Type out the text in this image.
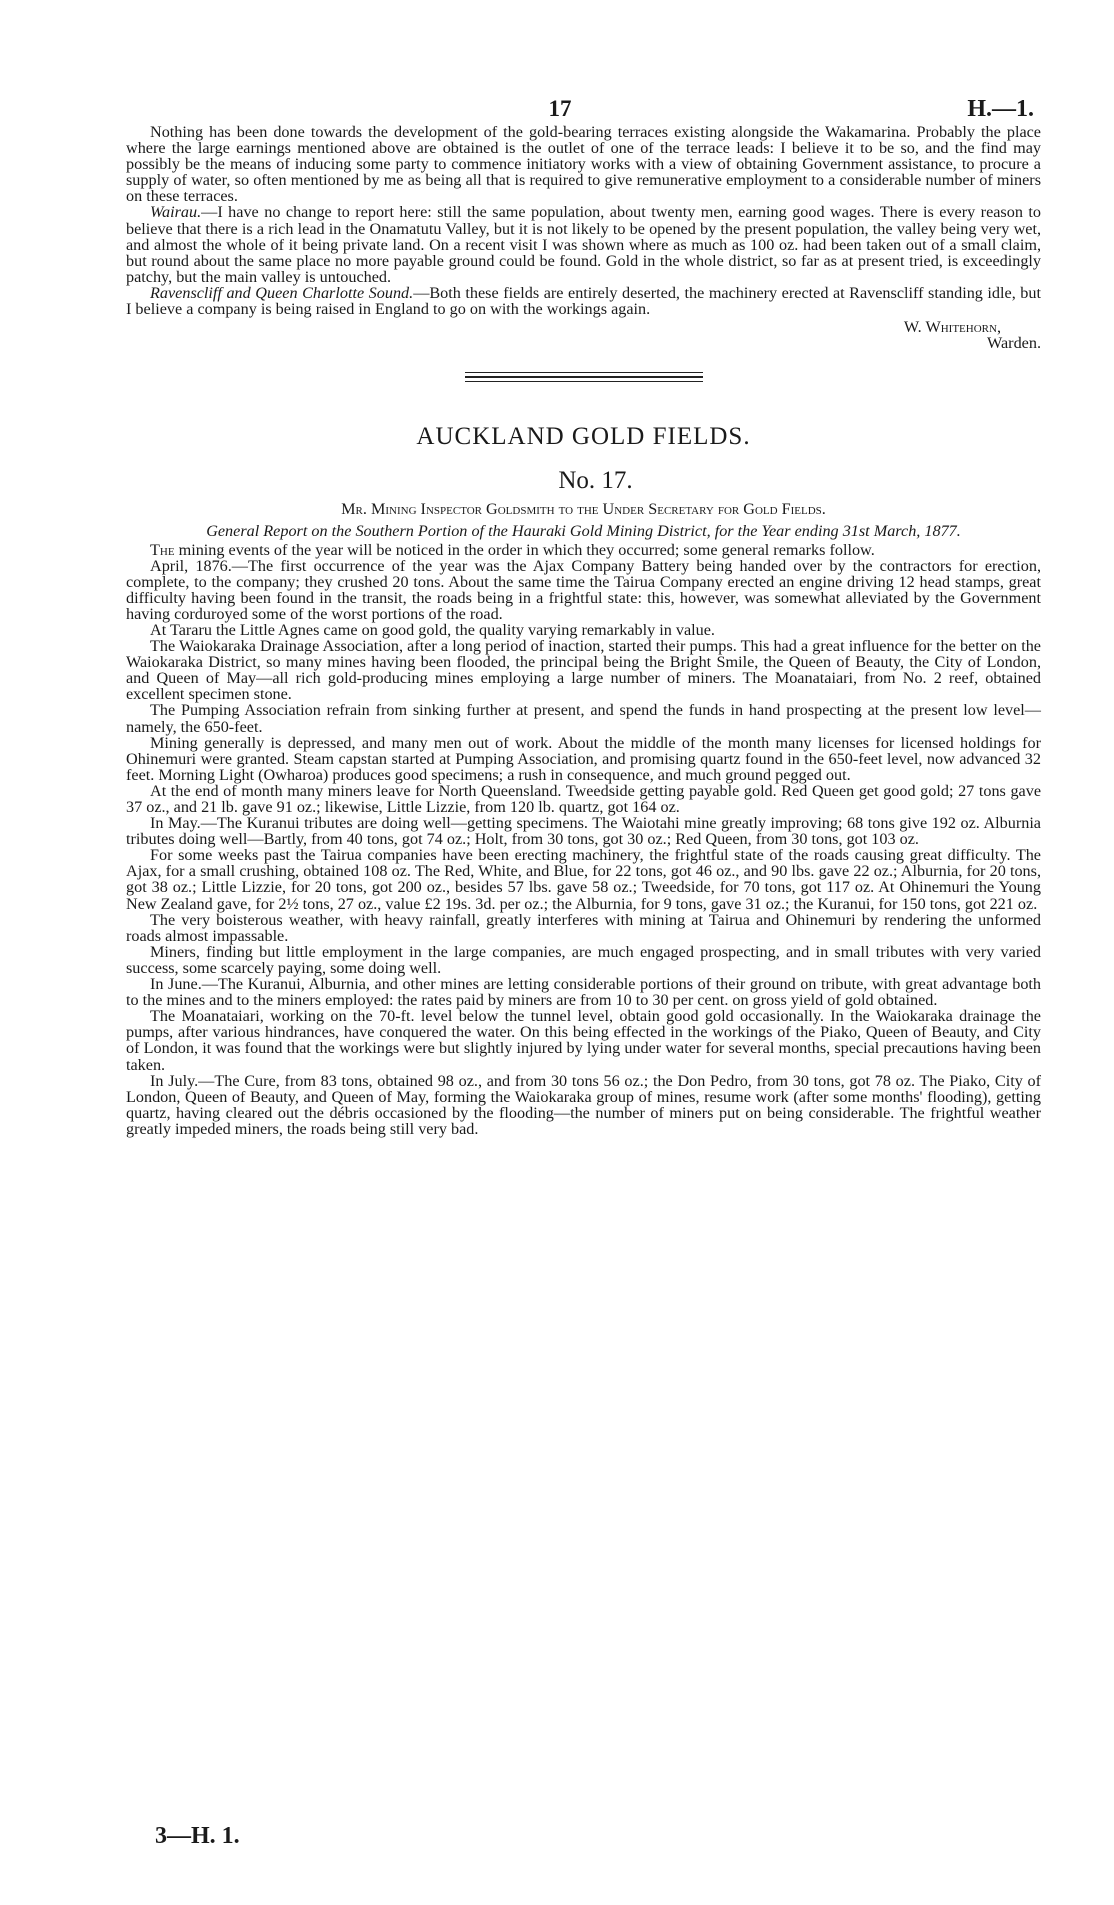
17	H.—1.

Nothing has been done towards the development of the gold-bearing terraces existing alongside the Wakamarina. Probably the place where the large earnings mentioned above are obtained is the outlet of one of the terrace leads: I believe it to be so, and the find may possibly be the means of inducing some party to commence initiatory works with a view of obtaining Government assistance, to procure a supply of water, so often mentioned by me as being all that is required to give remunerative employment to a considerable number of miners on these terraces.

Wairau.—I have no change to report here: still the same population, about twenty men, earning good wages. There is every reason to believe that there is a rich lead in the Onamatutu Valley, but it is not likely to be opened by the present population, the valley being very wet, and almost the whole of it being private land. On a recent visit I was shown where as much as 100 oz. had been taken out of a small claim, but round about the same place no more payable ground could be found. Gold in the whole district, so far as at present tried, is exceedingly patchy, but the main valley is untouched.

Ravenscliff and Queen Charlotte Sound.—Both these fields are entirely deserted, the machinery erected at Ravenscliff standing idle, but I believe a company is being raised in England to go on with the workings again.

W. Whitehorn,

Warden.

AUCKLAND GOLD FIELDS.

No. 17.

Mr. Mining Inspector Goldsmith to the Under Secretary for Gold Fields.

General Report on the Southern Portion of the Hauraki Gold Mining District, for the Year ending 31st March, 1877.

The mining events of the year will be noticed in the order in which they occurred; some general remarks follow.

April, 1876.—The first occurrence of the year was the Ajax Company Battery being handed over by the contractors for erection, complete, to the company; they crushed 20 tons. About the same time the Tairua Company erected an engine driving 12 head stamps, great difficulty having been found in the transit, the roads being in a frightful state: this, however, was somewhat alleviated by the Government having corduroyed some of the worst portions of the road.

At Tararu the Little Agnes came on good gold, the quality varying remarkably in value.

The Waiokaraka Drainage Association, after a long period of inaction, started their pumps. This had a great influence for the better on the Waiokaraka District, so many mines having been flooded, the principal being the Bright Smile, the Queen of Beauty, the City of London, and Queen of May—all rich gold-producing mines employing a large number of miners. The Moanataiari, from No. 2 reef, obtained excellent specimen stone.

The Pumping Association refrain from sinking further at present, and spend the funds in hand prospecting at the present low level—namely, the 650-feet.

Mining generally is depressed, and many men out of work. About the middle of the month many licenses for licensed holdings for Ohinemuri were granted. Steam capstan started at Pumping Association, and promising quartz found in the 650-feet level, now advanced 32 feet. Morning Light (Owharoa) produces good specimens; a rush in consequence, and much ground pegged out.

At the end of month many miners leave for North Queensland. Tweedside getting payable gold. Red Queen get good gold; 27 tons gave 37 oz., and 21 lb. gave 91 oz.; likewise, Little Lizzie, from 120 lb. quartz, got 164 oz.

In May.—The Kuranui tributes are doing well—getting specimens. The Waiotahi mine greatly improving; 68 tons give 192 oz. Alburnia tributes doing well—Bartly, from 40 tons, got 74 oz.; Holt, from 30 tons, got 30 oz.; Red Queen, from 30 tons, got 103 oz.

For some weeks past the Tairua companies have been erecting machinery, the frightful state of the roads causing great difficulty. The Ajax, for a small crushing, obtained 108 oz. The Red, White, and Blue, for 22 tons, got 46 oz., and 90 lbs. gave 22 oz.; Alburnia, for 20 tons, got 38 oz.; Little Lizzie, for 20 tons, got 200 oz., besides 57 lbs. gave 58 oz.; Tweedside, for 70 tons, got 117 oz. At Ohinemuri the Young New Zealand gave, for 2½ tons, 27 oz., value £2 19s. 3d. per oz.; the Alburnia, for 9 tons, gave 31 oz.; the Kuranui, for 150 tons, got 221 oz.

The very boisterous weather, with heavy rainfall, greatly interferes with mining at Tairua and Ohinemuri by rendering the unformed roads almost impassable.

Miners, finding but little employment in the large companies, are much engaged prospecting, and in small tributes with very varied success, some scarcely paying, some doing well.

In June.—The Kuranui, Alburnia, and other mines are letting considerable portions of their ground on tribute, with great advantage both to the mines and to the miners employed: the rates paid by miners are from 10 to 30 per cent. on gross yield of gold obtained.

The Moanataiari, working on the 70-ft. level below the tunnel level, obtain good gold occasionally. In the Waiokaraka drainage the pumps, after various hindrances, have conquered the water. On this being effected in the workings of the Piako, Queen of Beauty, and City of London, it was found that the workings were but slightly injured by lying under water for several months, special precautions having been taken.

In July.—The Cure, from 83 tons, obtained 98 oz., and from 30 tons 56 oz.; the Don Pedro, from 30 tons, got 78 oz. The Piako, City of London, Queen of Beauty, and Queen of May, forming the Waiokaraka group of mines, resume work (after some months' flooding), getting quartz, having cleared out the débris occasioned by the flooding—the number of miners put on being considerable. The frightful weather greatly impeded miners, the roads being still very bad.

3—H. 1.
